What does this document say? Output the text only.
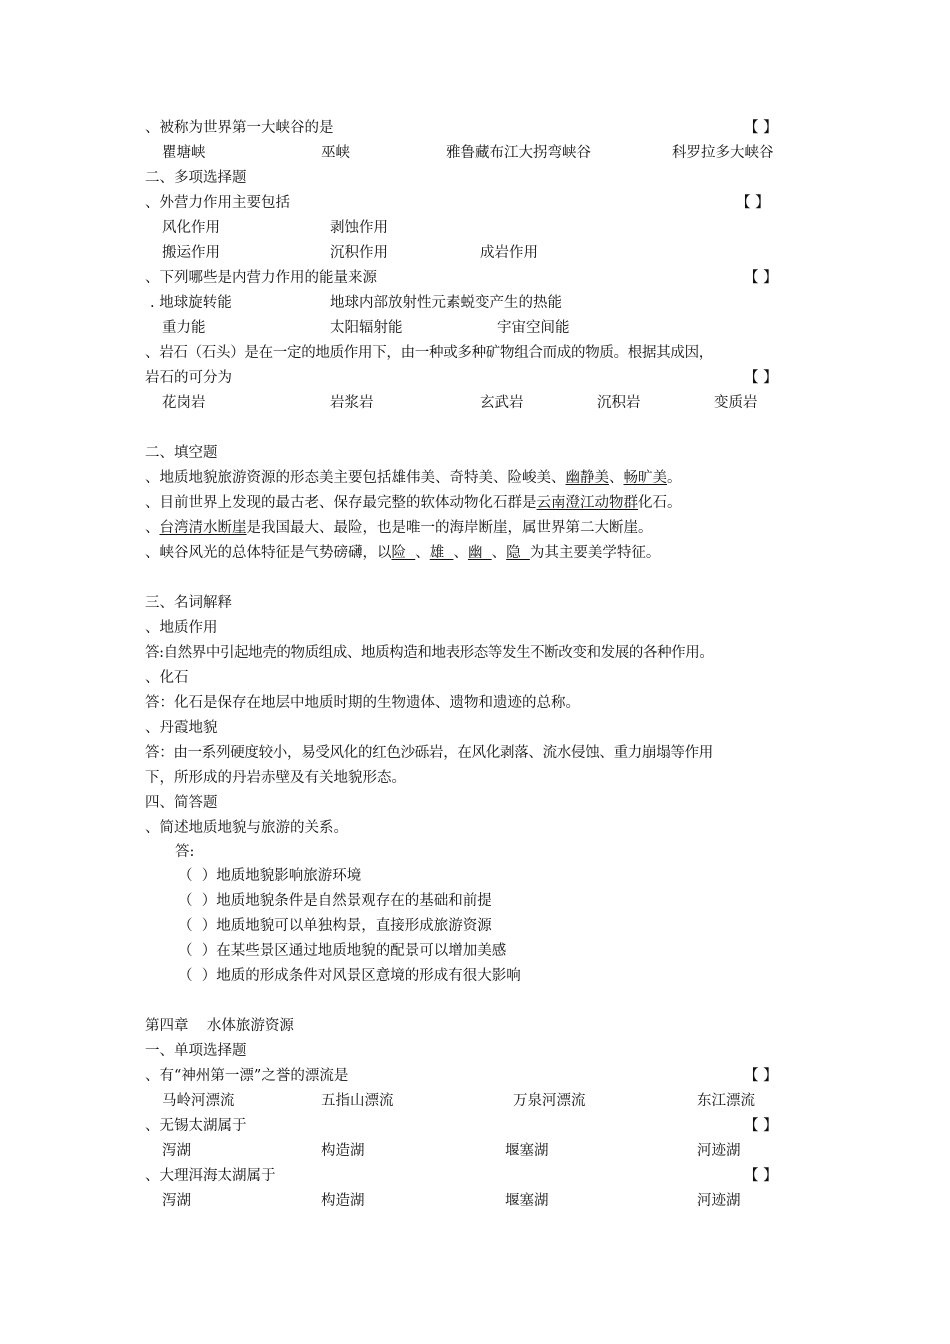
、被称为世界第一大峡谷的是	【 】
瞿塘峡	巫峡	雅鲁藏布江大拐弯峡谷	科罗拉多大峡谷
二、多项选择题
、外营力作用主要包括	【 】
风化作用	剥蚀作用
搬运作用	沉积作用	成岩作用
、下列哪些是内营力作用的能量来源	【 】
. 地球旋转能	地球内部放射性元素蜕变产生的热能
重力能	太阳辐射能	宇宙空间能
、岩石（石头）是在一定的地质作用下，由一种或多种矿物组合而成的物质。根据其成因，
岩石的可分为	【 】
花岗岩	岩浆岩	玄武岩	沉积岩	变质岩
二、填空题
、地质地貌旅游资源的形态美主要包括雄伟美、奇特美、险峻美、幽静美、畅旷美。
、目前世界上发现的最古老、保存最完整的软体动物化石群是云南澄江动物群化石。
、台湾清水断崖是我国最大、最险，也是唯一的海岸断崖，属世界第二大断崖。
、峡谷风光的总体特征是气势磅礴，以险  、雄  、幽  、隐  为其主要美学特征。
三、名词解释
、地质作用
答:自然界中引起地壳的物质组成、地质构造和地表形态等发生不断改变和发展的各种作用。
、化石
答：化石是保存在地层中地质时期的生物遗体、遗物和遗迹的总称。
、丹霞地貌
答：由一系列硬度较小，易受风化的红色沙砾岩，在风化剥落、流水侵蚀、重力崩塌等作用
下，所形成的丹岩赤壁及有关地貌形态。
四、简答题
、简述地质地貌与旅游的关系。
答:
（  ）地质地貌影响旅游环境
（  ）地质地貌条件是自然景观存在的基础和前提
（  ）地质地貌可以单独构景，直接形成旅游资源
（  ）在某些景区通过地质地貌的配景可以增加美感
（  ）地质的形成条件对风景区意境的形成有很大影响
第四章    水体旅游资源
一、单项选择题
、有“神州第一漂”之誉的漂流是	【 】
马岭河漂流	五指山漂流	万泉河漂流	东江漂流
、无锡太湖属于	【 】
泻湖	构造湖	堰塞湖	河迹湖
、大理洱海太湖属于	【 】
泻湖	构造湖	堰塞湖	河迹湖
